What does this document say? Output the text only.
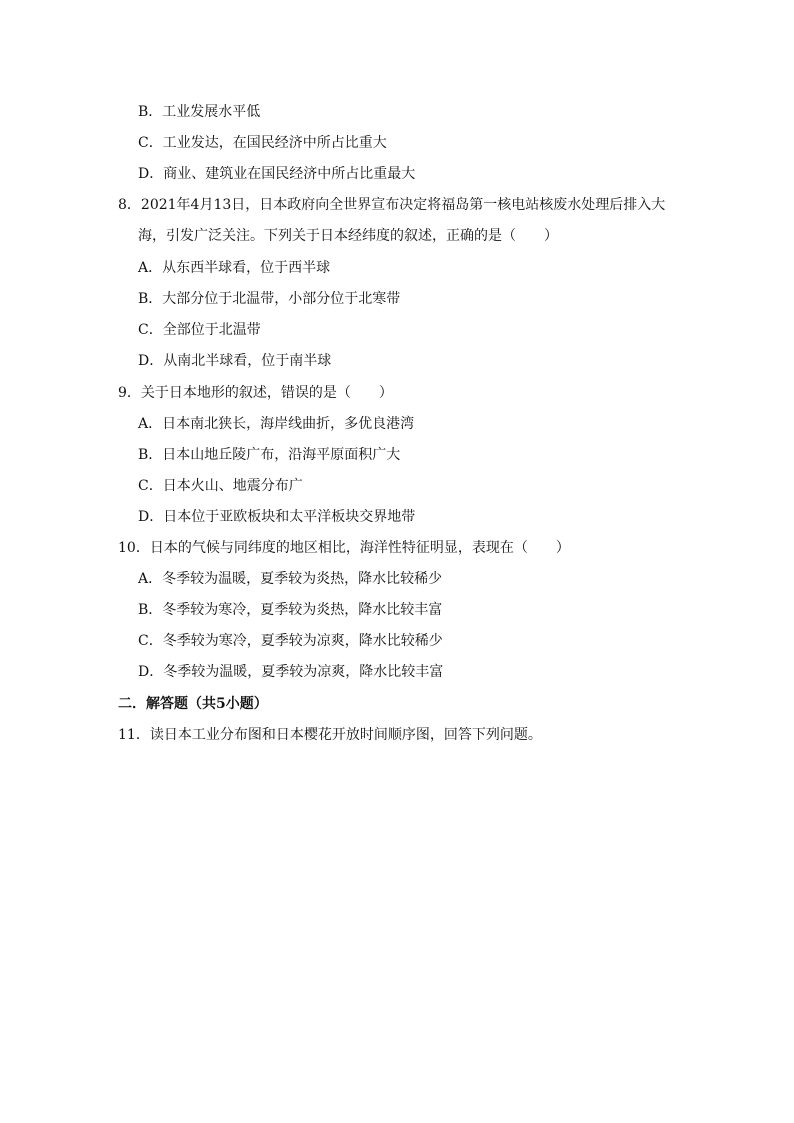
B．工业发展水平低
C．工业发达，在国民经济中所占比重大
D．商业、建筑业在国民经济中所占比重最大
8．2021年4月13日，日本政府向全世界宣布决定将福岛第一核电站核废水处理后排入大
海，引发广泛关注。下列关于日本经纬度的叙述，正确的是（　　）
A．从东西半球看，位于西半球
B．大部分位于北温带，小部分位于北寒带
C．全部位于北温带
D．从南北半球看，位于南半球
9．关于日本地形的叙述，错误的是（　　）
A．日本南北狭长，海岸线曲折，多优良港湾
B．日本山地丘陵广布，沿海平原面积广大
C．日本火山、地震分布广
D．日本位于亚欧板块和太平洋板块交界地带
10．日本的气候与同纬度的地区相比，海洋性特征明显，表现在（　　）
A．冬季较为温暖，夏季较为炎热，降水比较稀少
B．冬季较为寒冷，夏季较为炎热，降水比较丰富
C．冬季较为寒冷，夏季较为凉爽，降水比较稀少
D．冬季较为温暖，夏季较为凉爽，降水比较丰富
二．解答题（共5小题）
11．读日本工业分布图和日本樱花开放时间顺序图，回答下列问题。
